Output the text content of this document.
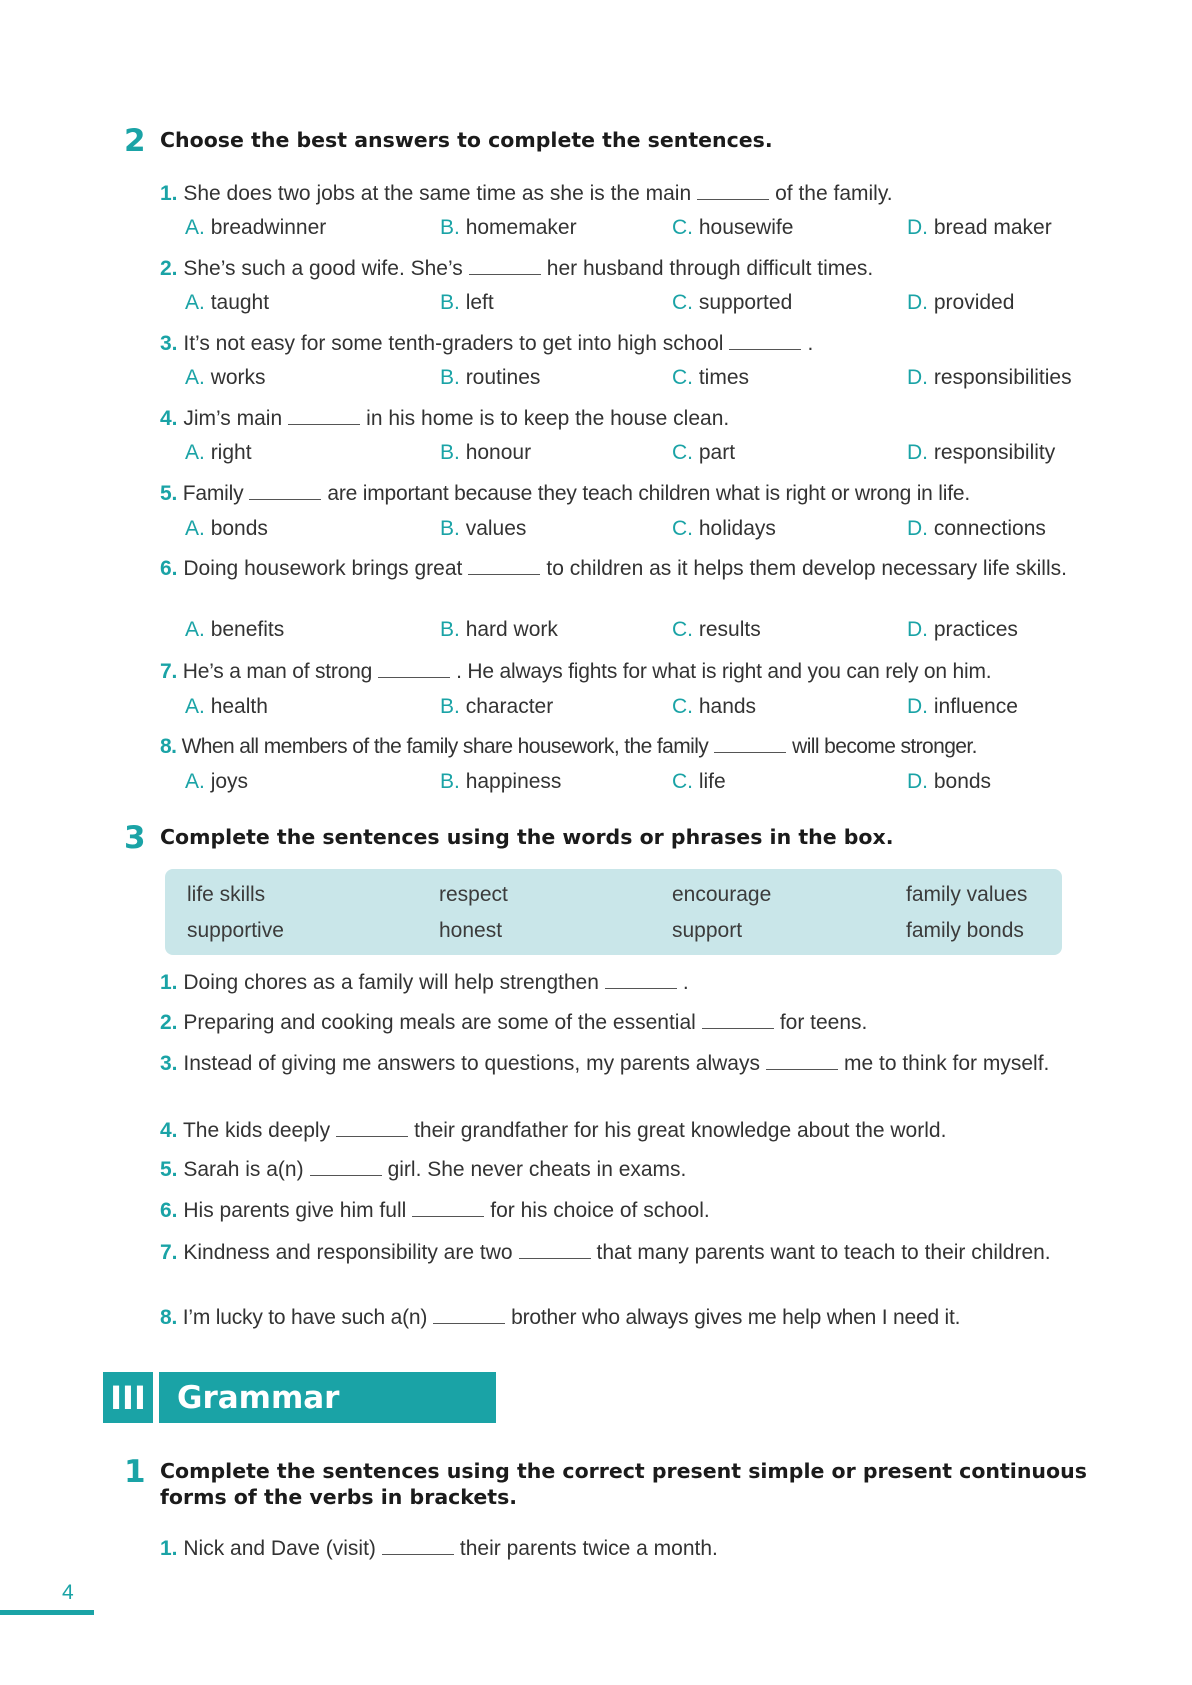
2 Choose the best answers to complete the sentences.
1. She does two jobs at the same time as she is the main	of the family.
A. breadwinner	B. homemaker	C. housewife	D. bread maker
2. She’s such a good wife. She’s	her husband through difficult times.
A. taught	B. left	C. supported	D. provided
3. It’s not easy for some tenth-graders to get into high school	.
A. works	B. routines	C. times	D. responsibilities
4. Jim’s main	in his home is to keep the house clean.
A. right	B. honour	C. part	D. responsibility
5. Family	are important because they teach children what is right or wrong in life.
A. bonds	B. values	C. holidays	D. connections
6. Doing housework brings great	to children as it helps them develop necessary life skills.
A. benefits	B. hard work	C. results	D. practices
7. He’s a man of strong	. He always fights for what is right and you can rely on him.
A. health	B. character	C. hands	D. influence
8. When all members of the family share housework, the family	will become stronger.
A. joys	B. happiness	C. life	D. bonds
3 Complete the sentences using the words or phrases in the box.
life skills	respect	encourage	family values
supportive	honest	support	family bonds
1. Doing chores as a family will help strengthen	.
2. Preparing and cooking meals are some of the essential	for teens.
3. Instead of giving me answers to questions, my parents always	me to think for myself.
4. The kids deeply	their grandfather for his great knowledge about the world.
5. Sarah is a(n)	girl. She never cheats in exams.
6. His parents give him full	for his choice of school.
7. Kindness and responsibility are two	that many parents want to teach to their children.
8. I’m lucky to have such a(n)	brother who always gives me help when I need it.
III	Grammar
1 Complete the sentences using the correct present simple or present continuous forms of the verbs in brackets.
1. Nick and Dave (visit)	their parents twice a month.
4
